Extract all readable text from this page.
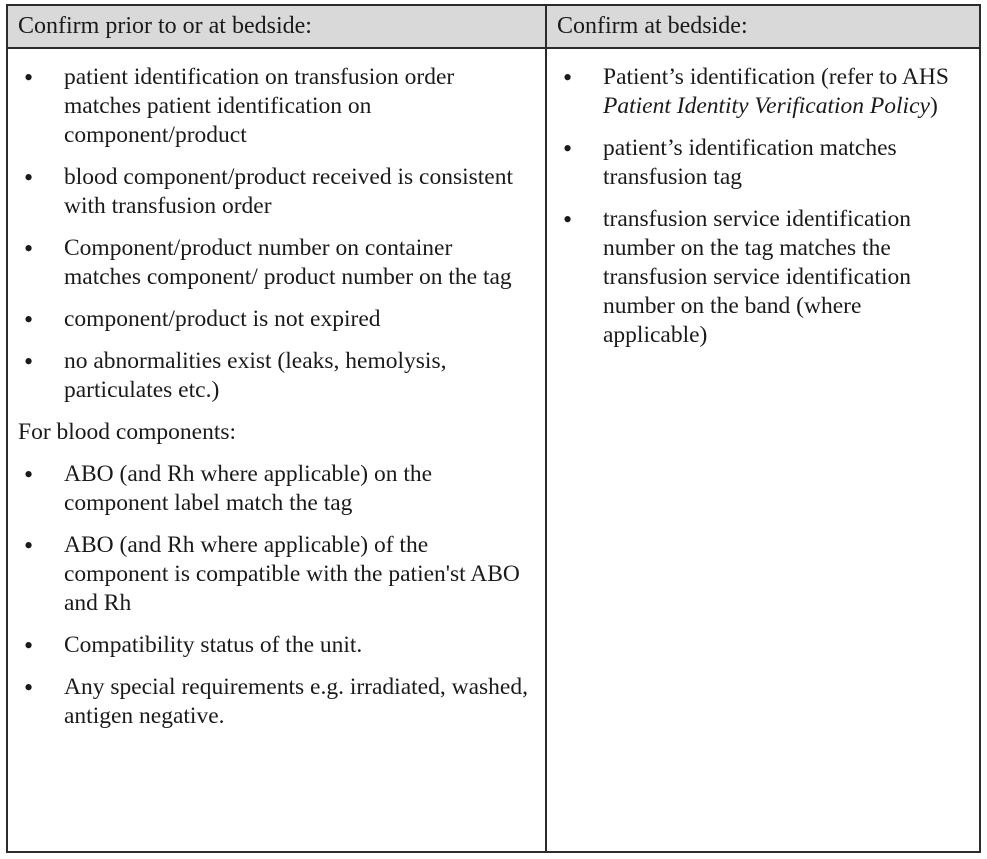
Confirm prior to or at bedside:	Confirm at bedside:
• patient identification on transfusion order matches patient identification on component/product
• blood component/product received is consistent with transfusion order
• Component/product number on container matches component/ product number on the tag
• component/product is not expired
• no abnormalities exist (leaks, hemolysis, particulates etc.)

For blood components:

• ABO (and Rh where applicable) on the component label match the tag
• ABO (and Rh where applicable) of the component is compatible with the patien'st ABO and Rh
• Compatibility status of the unit.
• Any special requirements e.g. irradiated, washed, antigen negative.
• Patient’s identification (refer to AHS Patient Identity Verification Policy)
• patient’s identification matches transfusion tag
• transfusion service identification number on the tag matches the transfusion service identification number on the band (where applicable)
